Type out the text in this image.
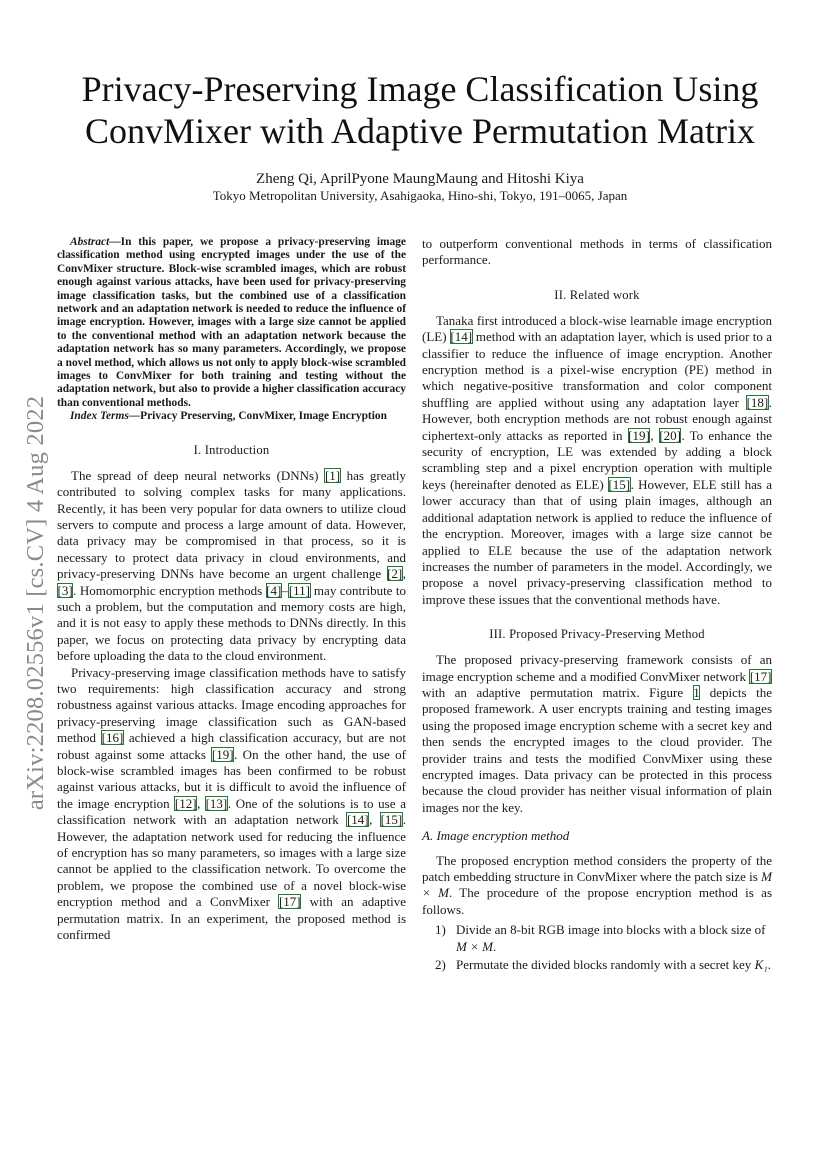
arXiv:2208.02556v1 [cs.CV] 4 Aug 2022
Privacy-Preserving Image Classification Using ConvMixer with Adaptive Permutation Matrix
Zheng Qi, AprilPyone MaungMaung and Hitoshi Kiya
Tokyo Metropolitan University, Asahigaoka, Hino-shi, Tokyo, 191–0065, Japan

Abstract—In this paper, we propose a privacy-preserving image classification method using encrypted images under the use of the ConvMixer structure. Block-wise scrambled images, which are robust enough against various attacks, have been used for privacy-preserving image classification tasks, but the combined use of a classification network and an adaptation network is needed to reduce the influence of image encryption. However, images with a large size cannot be applied to the conventional method with an adaptation network because the adaptation network has so many parameters. Accordingly, we propose a novel method, which allows us not only to apply block-wise scrambled images to ConvMixer for both training and testing without the adaptation network, but also to provide a higher classification accuracy than conventional methods.

Index Terms—Privacy Preserving, ConvMixer, Image Encryption

I. Introduction

The spread of deep neural networks (DNNs) [1] has greatly contributed to solving complex tasks for many applications. Recently, it has been very popular for data owners to utilize cloud servers to compute and process a large amount of data. However, data privacy may be compromised in that process, so it is necessary to protect data privacy in cloud environments, and privacy-preserving DNNs have become an urgent challenge [2], [3]. Homomorphic encryption methods [4]–[11] may contribute to such a problem, but the computation and memory costs are high, and it is not easy to apply these methods to DNNs directly. In this paper, we focus on protecting data privacy by encrypting data before uploading the data to the cloud environment.

Privacy-preserving image classification methods have to satisfy two requirements: high classification accuracy and strong robustness against various attacks. Image encoding approaches for privacy-preserving image classification such as GAN-based method [16] achieved a high classification accuracy, but are not robust against some attacks [19]. On the other hand, the use of block-wise scrambled images has been confirmed to be robust against various attacks, but it is difficult to avoid the influence of the image encryption [12], [13]. One of the solutions is to use a classification network with an adaptation network [14], [15]. However, the adaptation network used for reducing the influence of encryption has so many parameters, so images with a large size cannot be applied to the classification network. To overcome the problem, we propose the combined use of a novel block-wise encryption method and a ConvMixer [17] with an adaptive permutation matrix. In an experiment, the proposed method is confirmed

to outperform conventional methods in terms of classification performance.

II. Related work

Tanaka first introduced a block-wise learnable image encryption (LE) [14] method with an adaptation layer, which is used prior to a classifier to reduce the influence of image encryption. Another encryption method is a pixel-wise encryption (PE) method in which negative-positive transformation and color component shuffling are applied without using any adaptation layer [18]. However, both encryption methods are not robust enough against ciphertext-only attacks as reported in [19], [20]. To enhance the security of encryption, LE was extended by adding a block scrambling step and a pixel encryption operation with multiple keys (hereinafter denoted as ELE) [15]. However, ELE still has a lower accuracy than that of using plain images, although an additional adaptation network is applied to reduce the influence of the encryption. Moreover, images with a large size cannot be applied to ELE because the use of the adaptation network increases the number of parameters in the model. Accordingly, we propose a novel privacy-preserving classification method to improve these issues that the conventional methods have.

III. Proposed Privacy-Preserving Method

The proposed privacy-preserving framework consists of an image encryption scheme and a modified ConvMixer network [17] with an adaptive permutation matrix. Figure 1 depicts the proposed framework. A user encrypts training and testing images using the proposed image encryption scheme with a secret key and then sends the encrypted images to the cloud provider. The provider trains and tests the modified ConvMixer using these encrypted images. Data privacy can be protected in this process because the cloud provider has neither visual information of plain images nor the key.

A. Image encryption method

The proposed encryption method considers the property of the patch embedding structure in ConvMixer where the patch size is M × M. The procedure of the propose encryption method is as follows.

1) Divide an 8-bit RGB image into blocks with a block size of M × M.
2) Permutate the divided blocks randomly with a secret key K₁.
